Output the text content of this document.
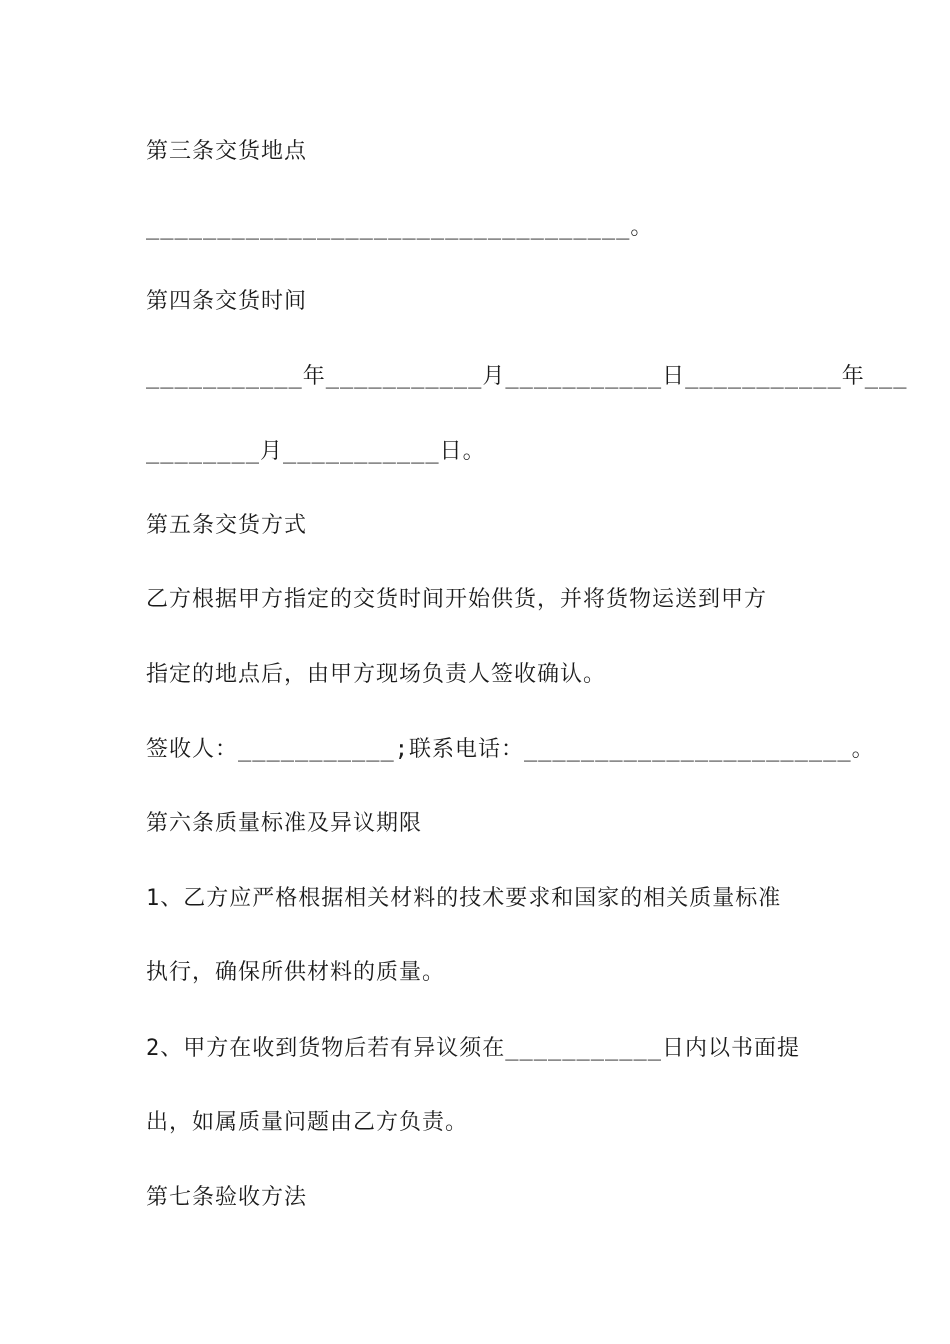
第三条交货地点
__________________________________。
第四条交货时间
___________年___________月___________日___________年___
________月___________日。
第五条交货方式
乙方根据甲方指定的交货时间开始供货，并将货物运送到甲方
指定的地点后，由甲方现场负责人签收确认。
签收人：___________;联系电话：_______________________。
第六条质量标准及异议期限
1、乙方应严格根据相关材料的技术要求和国家的相关质量标准
执行，确保所供材料的质量。
2、甲方在收到货物后若有异议须在___________日内以书面提
出，如属质量问题由乙方负责。
第七条验收方法
